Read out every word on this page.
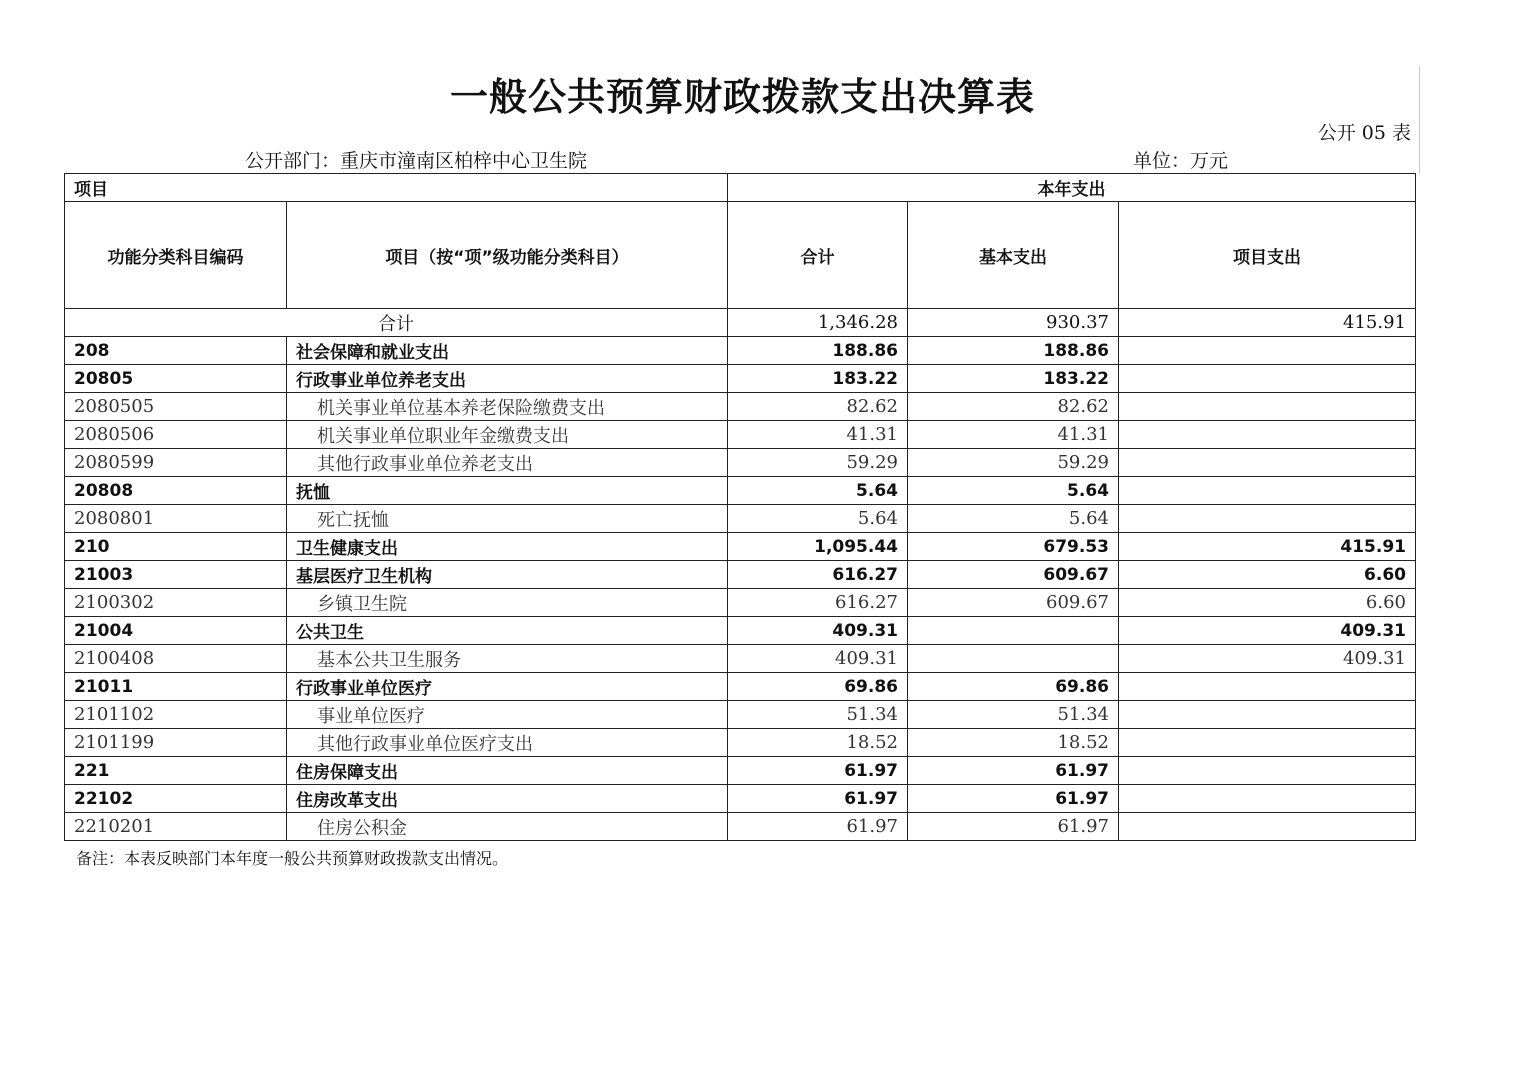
一般公共预算财政拨款支出决算表
公开 05 表
公开部门：重庆市潼南区柏梓中心卫生院	单位：万元
项目		本年支出		
功能分类科目编码	项目（按“项”级功能分类科目）	合计	基本支出	项目支出
合计		1,346.28	930.37	415.91
208	社会保障和就业支出	188.86	188.86	
20805	行政事业单位养老支出	183.22	183.22	
2080505	机关事业单位基本养老保险缴费支出	82.62	82.62	
2080506	机关事业单位职业年金缴费支出	41.31	41.31	
2080599	其他行政事业单位养老支出	59.29	59.29	
20808	抚恤	5.64	5.64	
2080801	死亡抚恤	5.64	5.64	
210	卫生健康支出	1,095.44	679.53	415.91
21003	基层医疗卫生机构	616.27	609.67	6.60
2100302	乡镇卫生院	616.27	609.67	6.60
21004	公共卫生	409.31		409.31
2100408	基本公共卫生服务	409.31		409.31
21011	行政事业单位医疗	69.86	69.86	
2101102	事业单位医疗	51.34	51.34	
2101199	其他行政事业单位医疗支出	18.52	18.52	
221	住房保障支出	61.97	61.97	
22102	住房改革支出	61.97	61.97	
2210201	住房公积金	61.97	61.97	
备注：本表反映部门本年度一般公共预算财政拨款支出情况。
